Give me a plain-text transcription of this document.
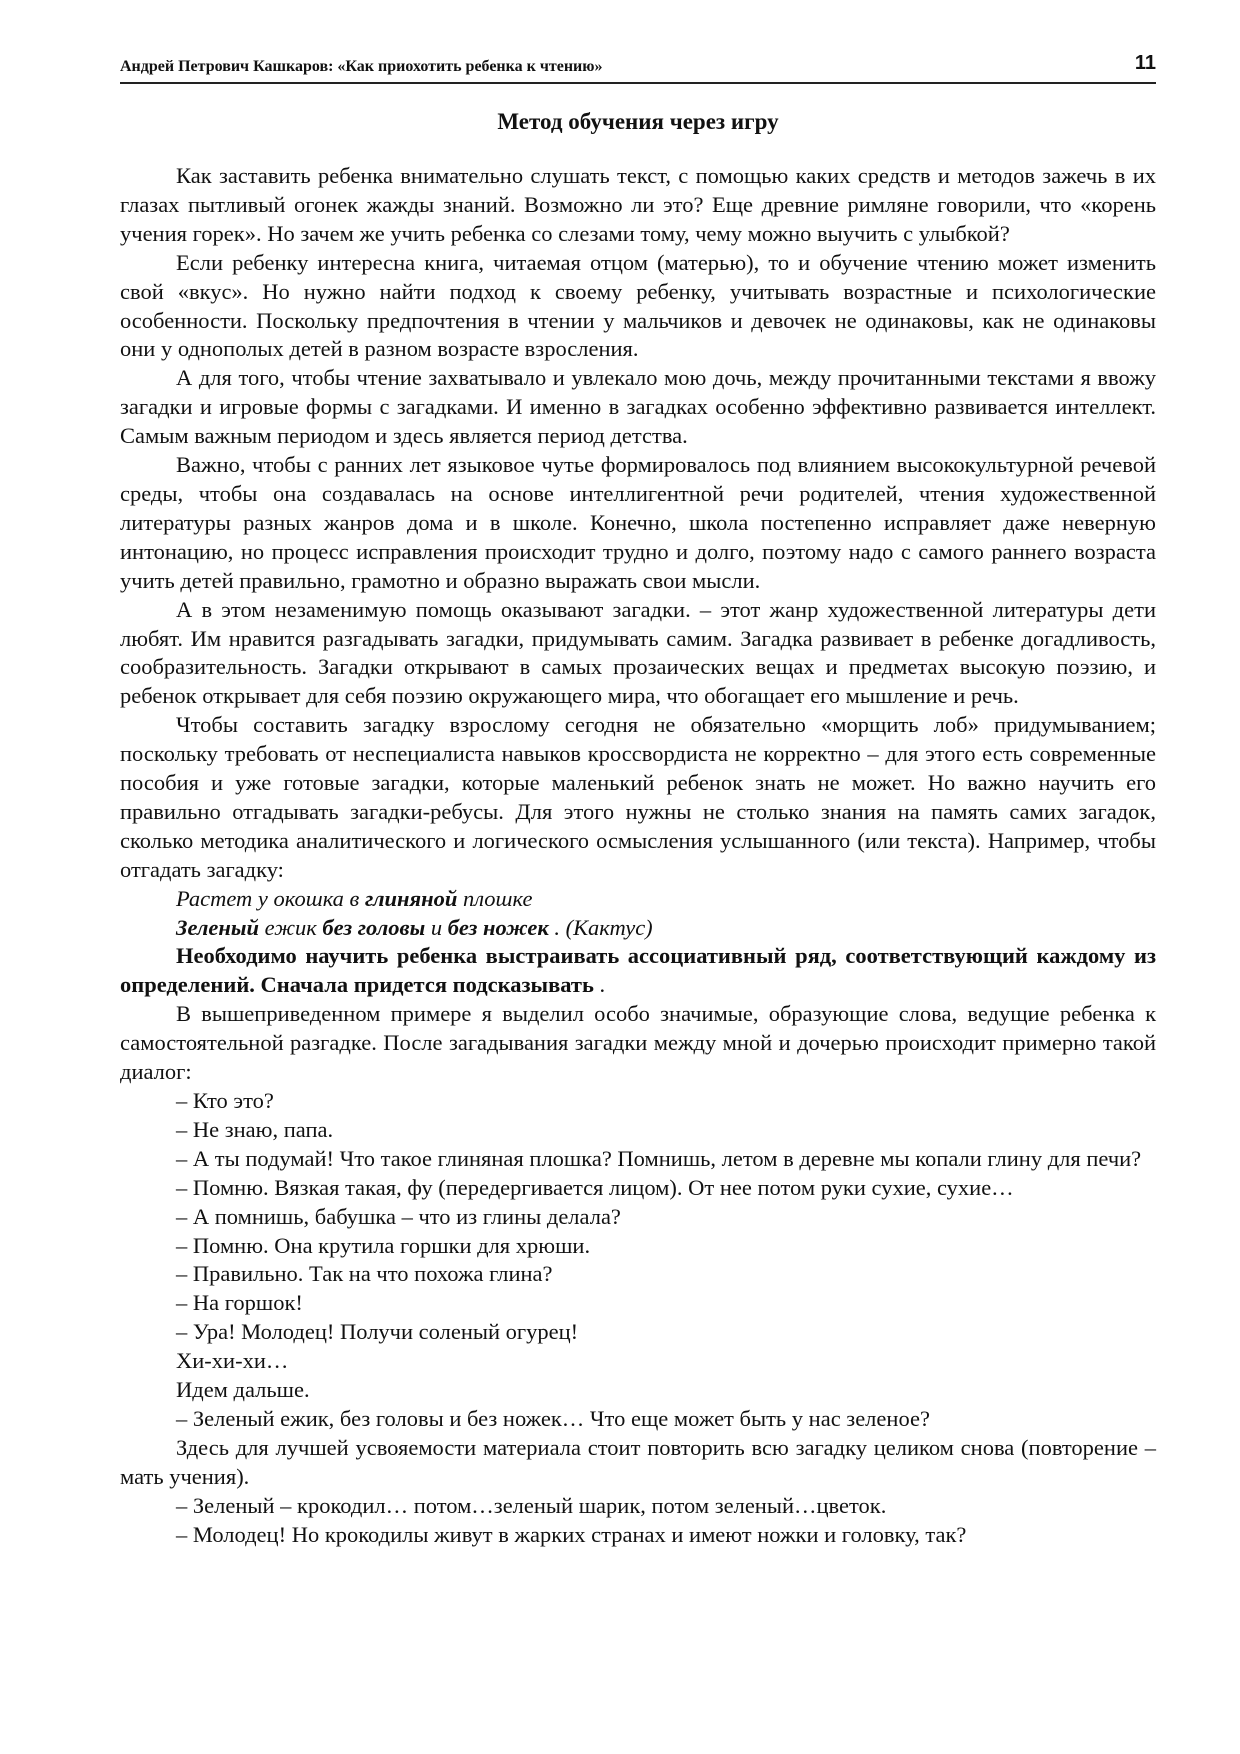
Андрей Петрович Кашкаров: «Как приохотить ребенка к чтению»	11
Метод обучения через игру

Как заставить ребенка внимательно слушать текст, с помощью каких средств и методов зажечь в их глазах пытливый огонек жажды знаний. Возможно ли это? Еще древние римляне говорили, что «корень учения горек». Но зачем же учить ребенка со слезами тому, чему можно выучить с улыбкой?

Если ребенку интересна книга, читаемая отцом (матерью), то и обучение чтению может изменить свой «вкус». Но нужно найти подход к своему ребенку, учитывать возрастные и психологические особенности. Поскольку предпочтения в чтении у мальчиков и девочек не одинаковы, как не одинаковы они у однополых детей в разном возрасте взросления.

А для того, чтобы чтение захватывало и увлекало мою дочь, между прочитанными текстами я ввожу загадки и игровые формы с загадками. И именно в загадках особенно эффективно развивается интеллект. Самым важным периодом и здесь является период детства.

Важно, чтобы с ранних лет языковое чутье формировалось под влиянием высококультурной речевой среды, чтобы она создавалась на основе интеллигентной речи родителей, чтения художественной литературы разных жанров дома и в школе. Конечно, школа постепенно исправляет даже неверную интонацию, но процесс исправления происходит трудно и долго, поэтому надо с самого раннего возраста учить детей правильно, грамотно и образно выражать свои мысли.

А в этом незаменимую помощь оказывают загадки. – этот жанр художественной литературы дети любят. Им нравится разгадывать загадки, придумывать самим. Загадка развивает в ребенке догадливость, сообразительность. Загадки открывают в самых прозаических вещах и предметах высокую поэзию, и ребенок открывает для себя поэзию окружающего мира, что обогащает его мышление и речь.

Чтобы составить загадку взрослому сегодня не обязательно «морщить лоб» придумыванием; поскольку требовать от неспециалиста навыков кроссвордиста не корректно – для этого есть современные пособия и уже готовые загадки, которые маленький ребенок знать не может. Но важно научить его правильно отгадывать загадки-ребусы. Для этого нужны не столько знания на память самих загадок, сколько методика аналитического и логического осмысления услышанного (или текста). Например, чтобы отгадать загадку:

Растет у окошка в глиняной плошке

Зеленый ежик без головы и без ножек . (Кактус)

Необходимо научить ребенка выстраивать ассоциативный ряд, соответствующий каждому из определений. Сначала придется подсказывать .

В вышеприведенном примере я выделил особо значимые, образующие слова, ведущие ребенка к самостоятельной разгадке. После загадывания загадки между мной и дочерью происходит примерно такой диалог:

– Кто это?

– Не знаю, папа.

– А ты подумай! Что такое глиняная плошка? Помнишь, летом в деревне мы копали глину для печи?

– Помню. Вязкая такая, фу (передергивается лицом). От нее потом руки сухие, сухие…

– А помнишь, бабушка – что из глины делала?

– Помню. Она крутила горшки для хрюши.

– Правильно. Так на что похожа глина?

– На горшок!

– Ура! Молодец! Получи соленый огурец!

Хи-хи-хи…

Идем дальше.

– Зеленый ежик, без головы и без ножек… Что еще может быть у нас зеленое?

Здесь для лучшей усвояемости материала стоит повторить всю загадку целиком снова (повторение – мать учения).

– Зеленый – крокодил… потом…зеленый шарик, потом зеленый…цветок.

– Молодец! Но крокодилы живут в жарких странах и имеют ножки и головку, так?
